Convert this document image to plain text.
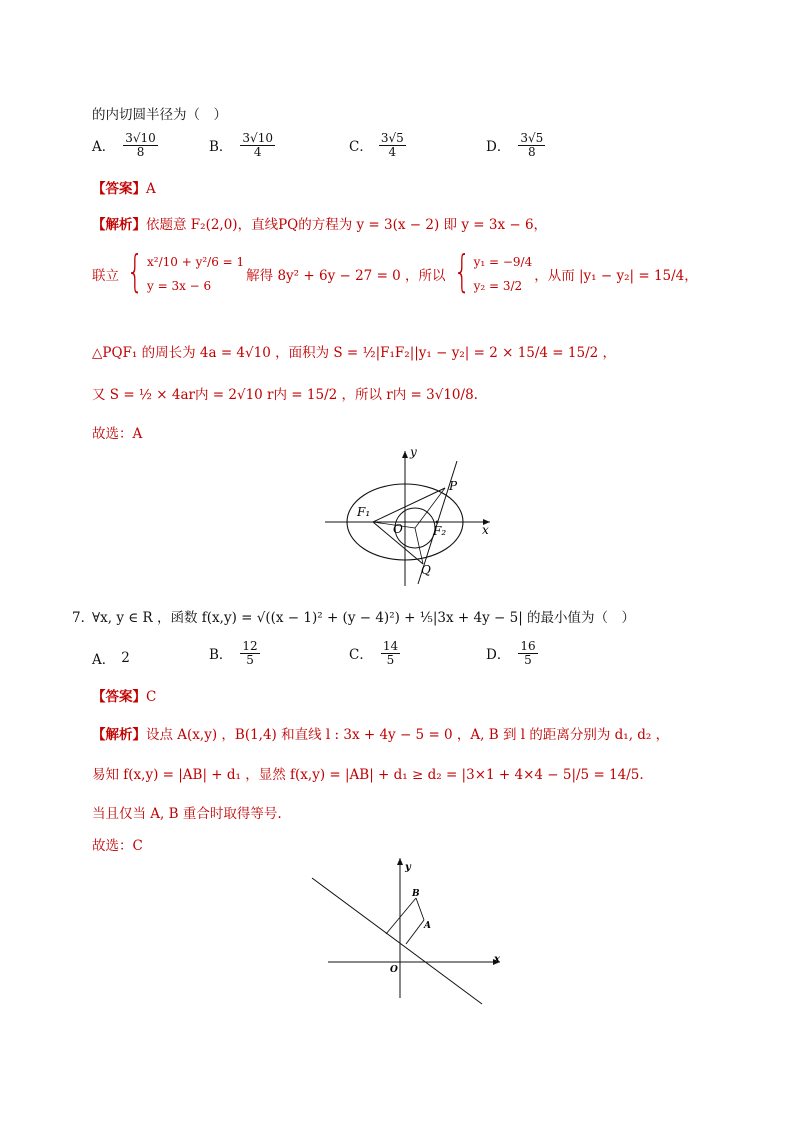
的内切圆半径为（　）
A． $\frac{3√10}{8}$	B． $\frac{3√10}{4}$	C． $\frac{3√5}{4}$	D． $\frac{3√5}{8}$
【答案】A
【解析】依题意 F₂(2,0)，直线PQ的方程为 y = 3(x − 2) 即 y = 3x − 6，
联立 { x²/10 + y²/6 = 1
y = 3x − 6
解得 8y² + 6y − 27 = 0 ，所以 { y₁ = −9/4
y₂ = 3/2
，从而 |y₁ − y₂| = 15/4，
△PQF₁ 的周长为 4a = 4√10 ，面积为 S = ½|F₁F₂||y₁ − y₂| = 2 × 15/4 = 15/2 ，
又 S = ½ × 4ar内 = 2√10 r内 = 15/2 ，所以 r内 = 3√10/8.
故选：A
y
x
P
Q
F₁
F₂
O
7．
∀x, y ∈ R ，函数 f(x,y) = √((x − 1)² + (y − 4)²) + ⅕|3x + 4y − 5| 的最小值为（　）
A． 2	B． $\frac{12}{5}$	C． $\frac{14}{5}$	D． $\frac{16}{5}$
【答案】C
【解析】设点 A(x,y) ，B(1,4) 和直线 l : 3x + 4y − 5 = 0 ，A, B 到 l 的距离分别为 d₁, d₂ ，
易知 f(x,y) = |AB| + d₁ ，显然 f(x,y) = |AB| + d₁ ≥ d₂ = |3×1 + 4×4 − 5|/5 = 14/5.
当且仅当 A, B 重合时取得等号.
故选：C
y
x
B
A
O
